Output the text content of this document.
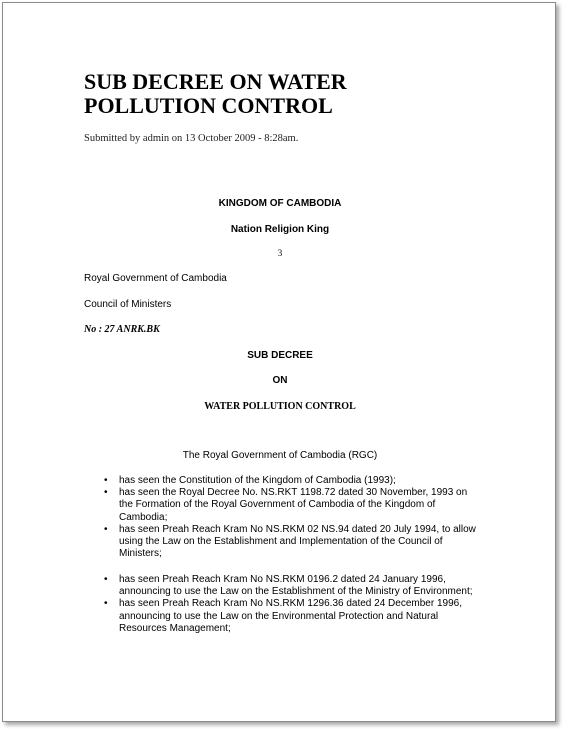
SUB DECREE ON WATER
POLLUTION CONTROL

Submitted by admin on 13 October 2009 - 8:28am.

KINGDOM OF CAMBODIA

Nation Religion King

3

Royal Government of Cambodia

Council of Ministers

No : 27 ANRK.BK

SUB DECREE

ON

WATER POLLUTION CONTROL

The Royal Government of Cambodia (RGC)

• has seen the Constitution of the Kingdom of Cambodia (1993);
• has seen the Royal Decree No. NS.RKT 1198.72 dated 30 November, 1993 on the Formation of the Royal Government of Cambodia of the Kingdom of Cambodia;
• has seen Preah Reach Kram No NS.RKM 02 NS.94 dated 20 July 1994, to allow using the Law on the Establishment and Implementation of the Council of Ministers;
• has seen Preah Reach Kram No NS.RKM 0196.2 dated 24 January 1996, announcing to use the Law on the Establishment of the Ministry of Environment;
• has seen Preah Reach Kram No NS.RKM 1296.36 dated 24 December 1996, announcing to use the Law on the Environmental Protection and Natural Resources Management;
